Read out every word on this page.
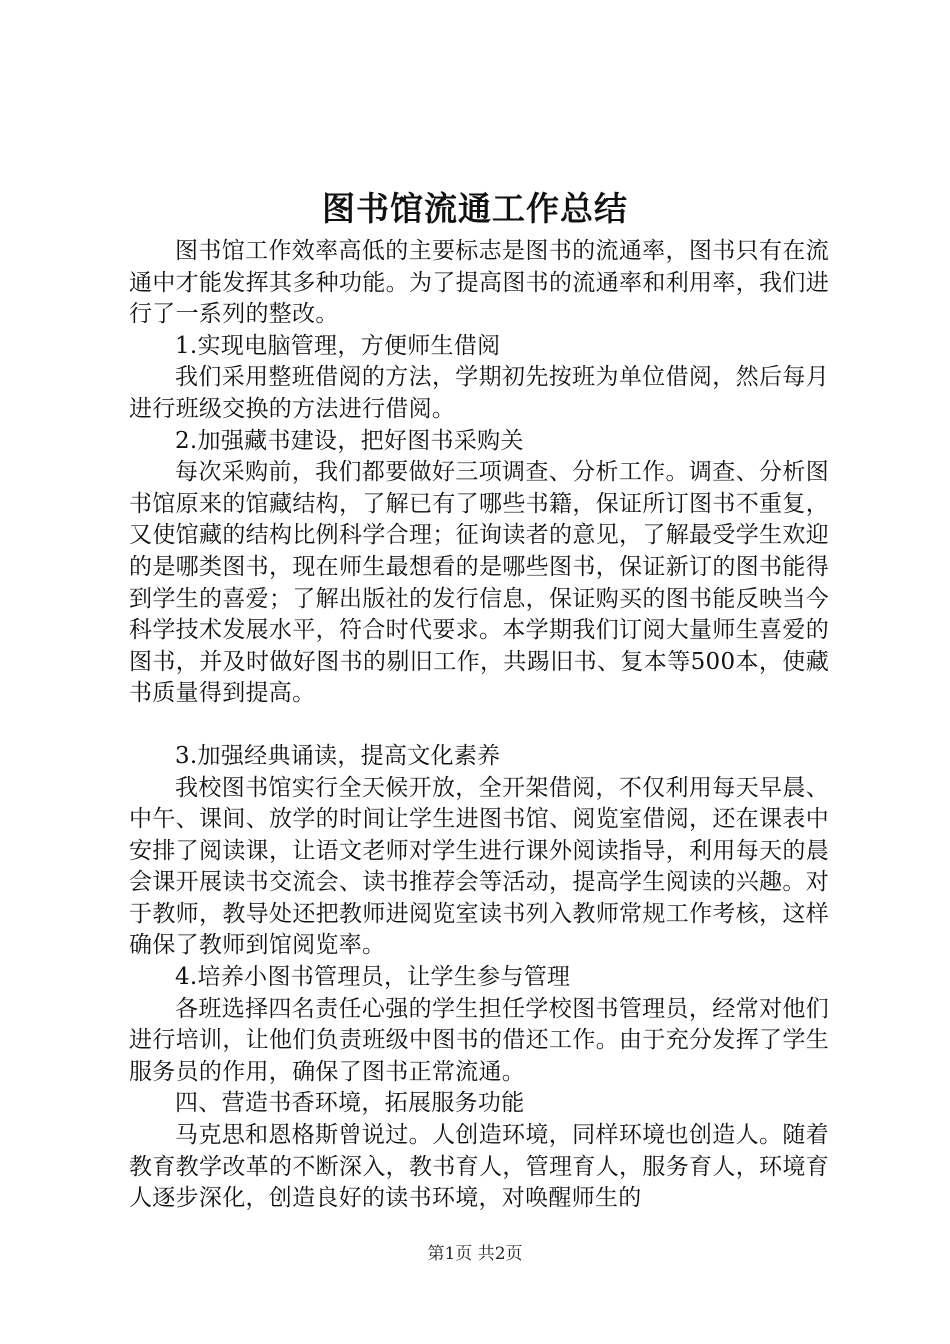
图书馆流通工作总结

图书馆工作效率高低的主要标志是图书的流通率，图书只有在流通中才能发挥其多种功能。为了提高图书的流通率和利用率，我们进行了一系列的整改。

1.实现电脑管理，方便师生借阅

我们采用整班借阅的方法，学期初先按班为单位借阅，然后每月进行班级交换的方法进行借阅。

2.加强藏书建设，把好图书采购关

每次采购前，我们都要做好三项调查、分析工作。调查、分析图书馆原来的馆藏结构，了解已有了哪些书籍，保证所订图书不重复，又使馆藏的结构比例科学合理；征询读者的意见，了解最受学生欢迎的是哪类图书，现在师生最想看的是哪些图书，保证新订的图书能得到学生的喜爱；了解出版社的发行信息，保证购买的图书能反映当今科学技术发展水平，符合时代要求。本学期我们订阅大量师生喜爱的图书，并及时做好图书的剔旧工作，共踢旧书、复本等500本，使藏书质量得到提高。

3.加强经典诵读，提高文化素养

我校图书馆实行全天候开放，全开架借阅，不仅利用每天早晨、中午、课间、放学的时间让学生进图书馆、阅览室借阅，还在课表中安排了阅读课，让语文老师对学生进行课外阅读指导，利用每天的晨会课开展读书交流会、读书推荐会等活动，提高学生阅读的兴趣。对于教师，教导处还把教师进阅览室读书列入教师常规工作考核，这样确保了教师到馆阅览率。

4.培养小图书管理员，让学生参与管理

各班选择四名责任心强的学生担任学校图书管理员，经常对他们进行培训，让他们负责班级中图书的借还工作。由于充分发挥了学生服务员的作用，确保了图书正常流通。

四、营造书香环境，拓展服务功能

马克思和恩格斯曾说过。人创造环境，同样环境也创造人。随着教育教学改革的不断深入，教书育人，管理育人，服务育人，环境育人逐步深化，创造良好的读书环境，对唤醒师生的

第1页 共2页
